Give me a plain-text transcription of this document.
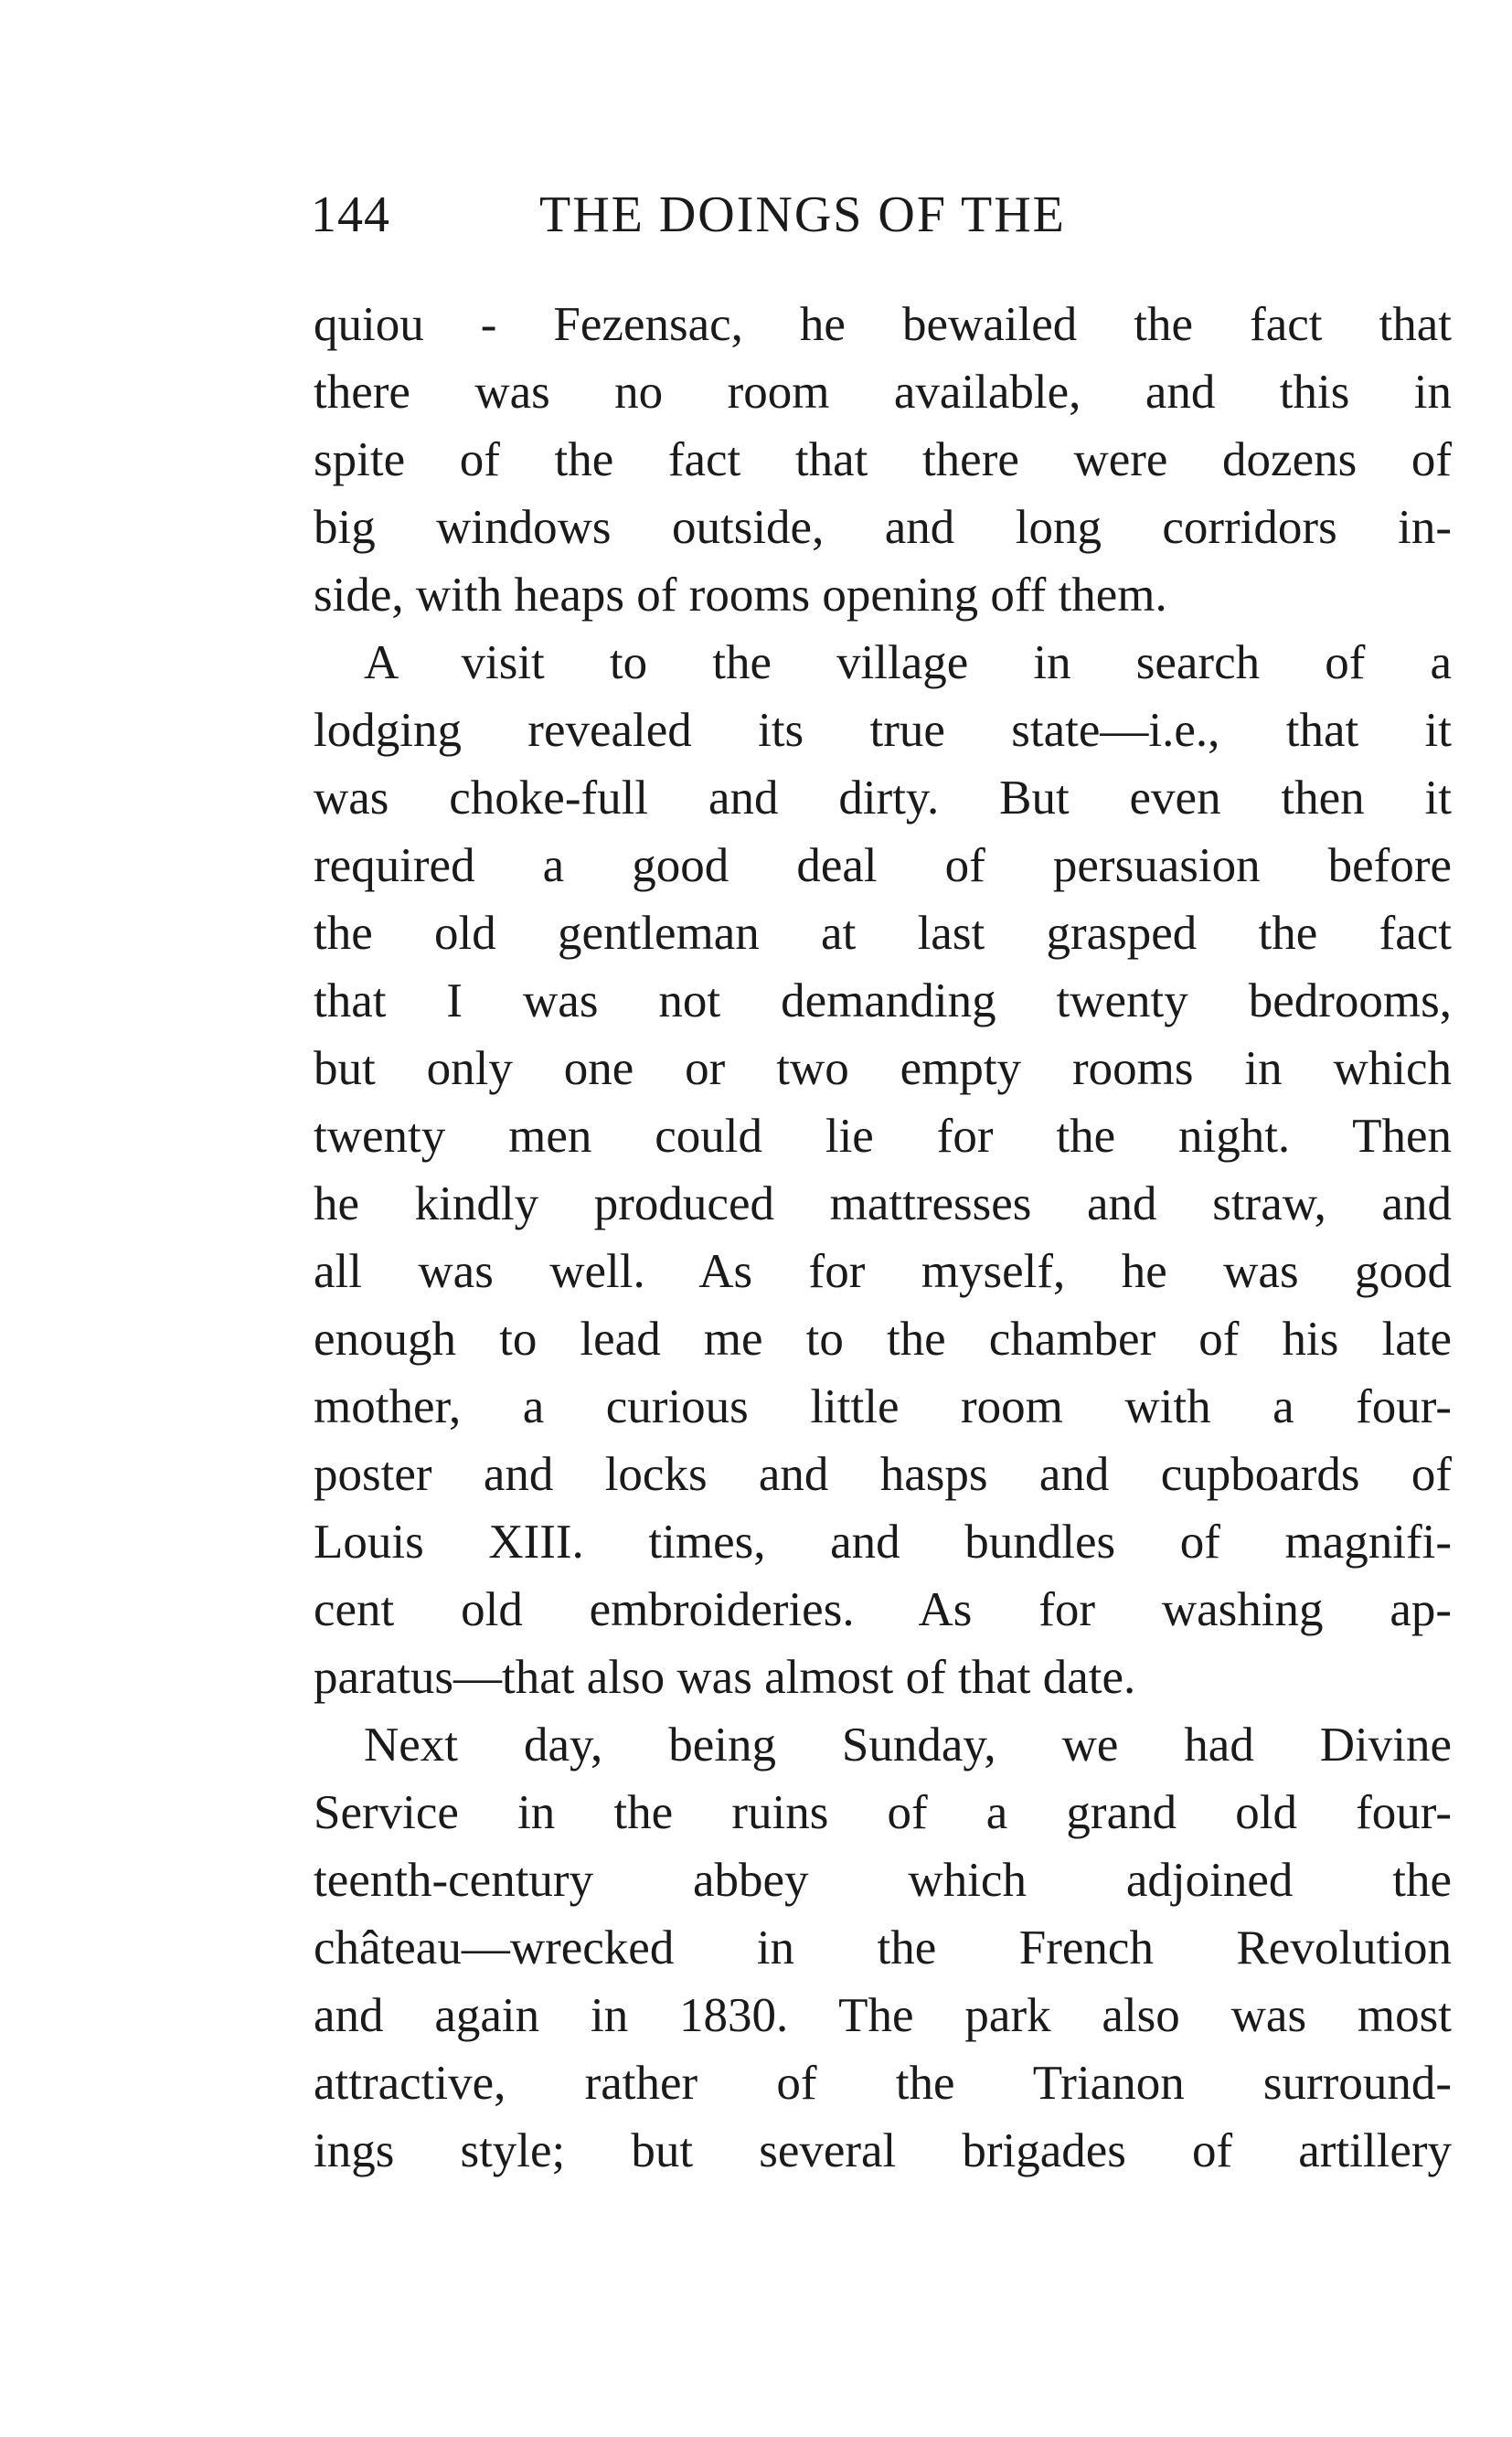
144	THE DOINGS OF THE
quiou - Fezensac, he bewailed the fact that
there was no room available, and this in
spite of the fact that there were dozens of
big windows outside, and long corridors in-
side, with heaps of rooms opening off them.
A visit to the village in search of a
lodging revealed its true state—i.e., that it
was choke-full and dirty. But even then it
required a good deal of persuasion before
the old gentleman at last grasped the fact
that I was not demanding twenty bedrooms,
but only one or two empty rooms in which
twenty men could lie for the night. Then
he kindly produced mattresses and straw, and
all was well. As for myself, he was good
enough to lead me to the chamber of his late
mother, a curious little room with a four-
poster and locks and hasps and cupboards of
Louis XIII. times, and bundles of magnifi-
cent old embroideries. As for washing ap-
paratus—that also was almost of that date.
Next day, being Sunday, we had Divine
Service in the ruins of a grand old four-
teenth-century abbey which adjoined the
château—wrecked in the French Revolution
and again in 1830. The park also was most
attractive, rather of the Trianon surround-
ings style; but several brigades of artillery
